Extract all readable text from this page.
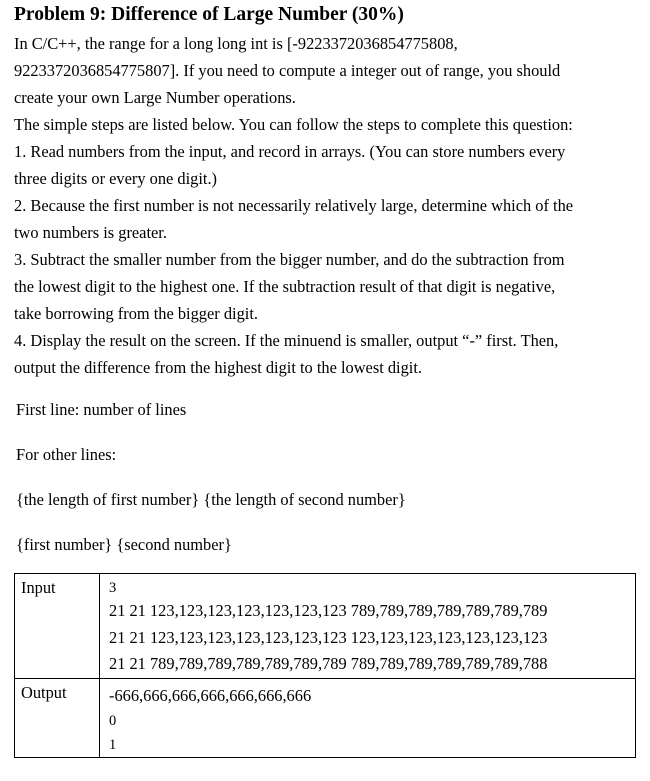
Problem 9: Difference of Large Number (30%)
In C/C++, the range for a long long int is [-9223372036854775808,
9223372036854775807]. If you need to compute a integer out of range, you should
create your own Large Number operations.
The simple steps are listed below. You can follow the steps to complete this question:
1. Read numbers from the input, and record in arrays. (You can store numbers every
three digits or every one digit.)
2. Because the first number is not necessarily relatively large, determine which of the
two numbers is greater.
3. Subtract the smaller number from the bigger number, and do the subtraction from
the lowest digit to the highest one. If the subtraction result of that digit is negative,
take borrowing from the bigger digit.
4. Display the result on the screen. If the minuend is smaller, output “-” first. Then,
output the difference from the highest digit to the lowest digit.
First line: number of lines
For other lines:
{the length of first number} {the length of second number}
{first number} {second number}
Input	3
21 21 123,123,123,123,123,123,123 789,789,789,789,789,789,789
21 21 123,123,123,123,123,123,123 123,123,123,123,123,123,123
21 21 789,789,789,789,789,789,789 789,789,789,789,789,789,788

Output	-666,666,666,666,666,666,666
0
1
